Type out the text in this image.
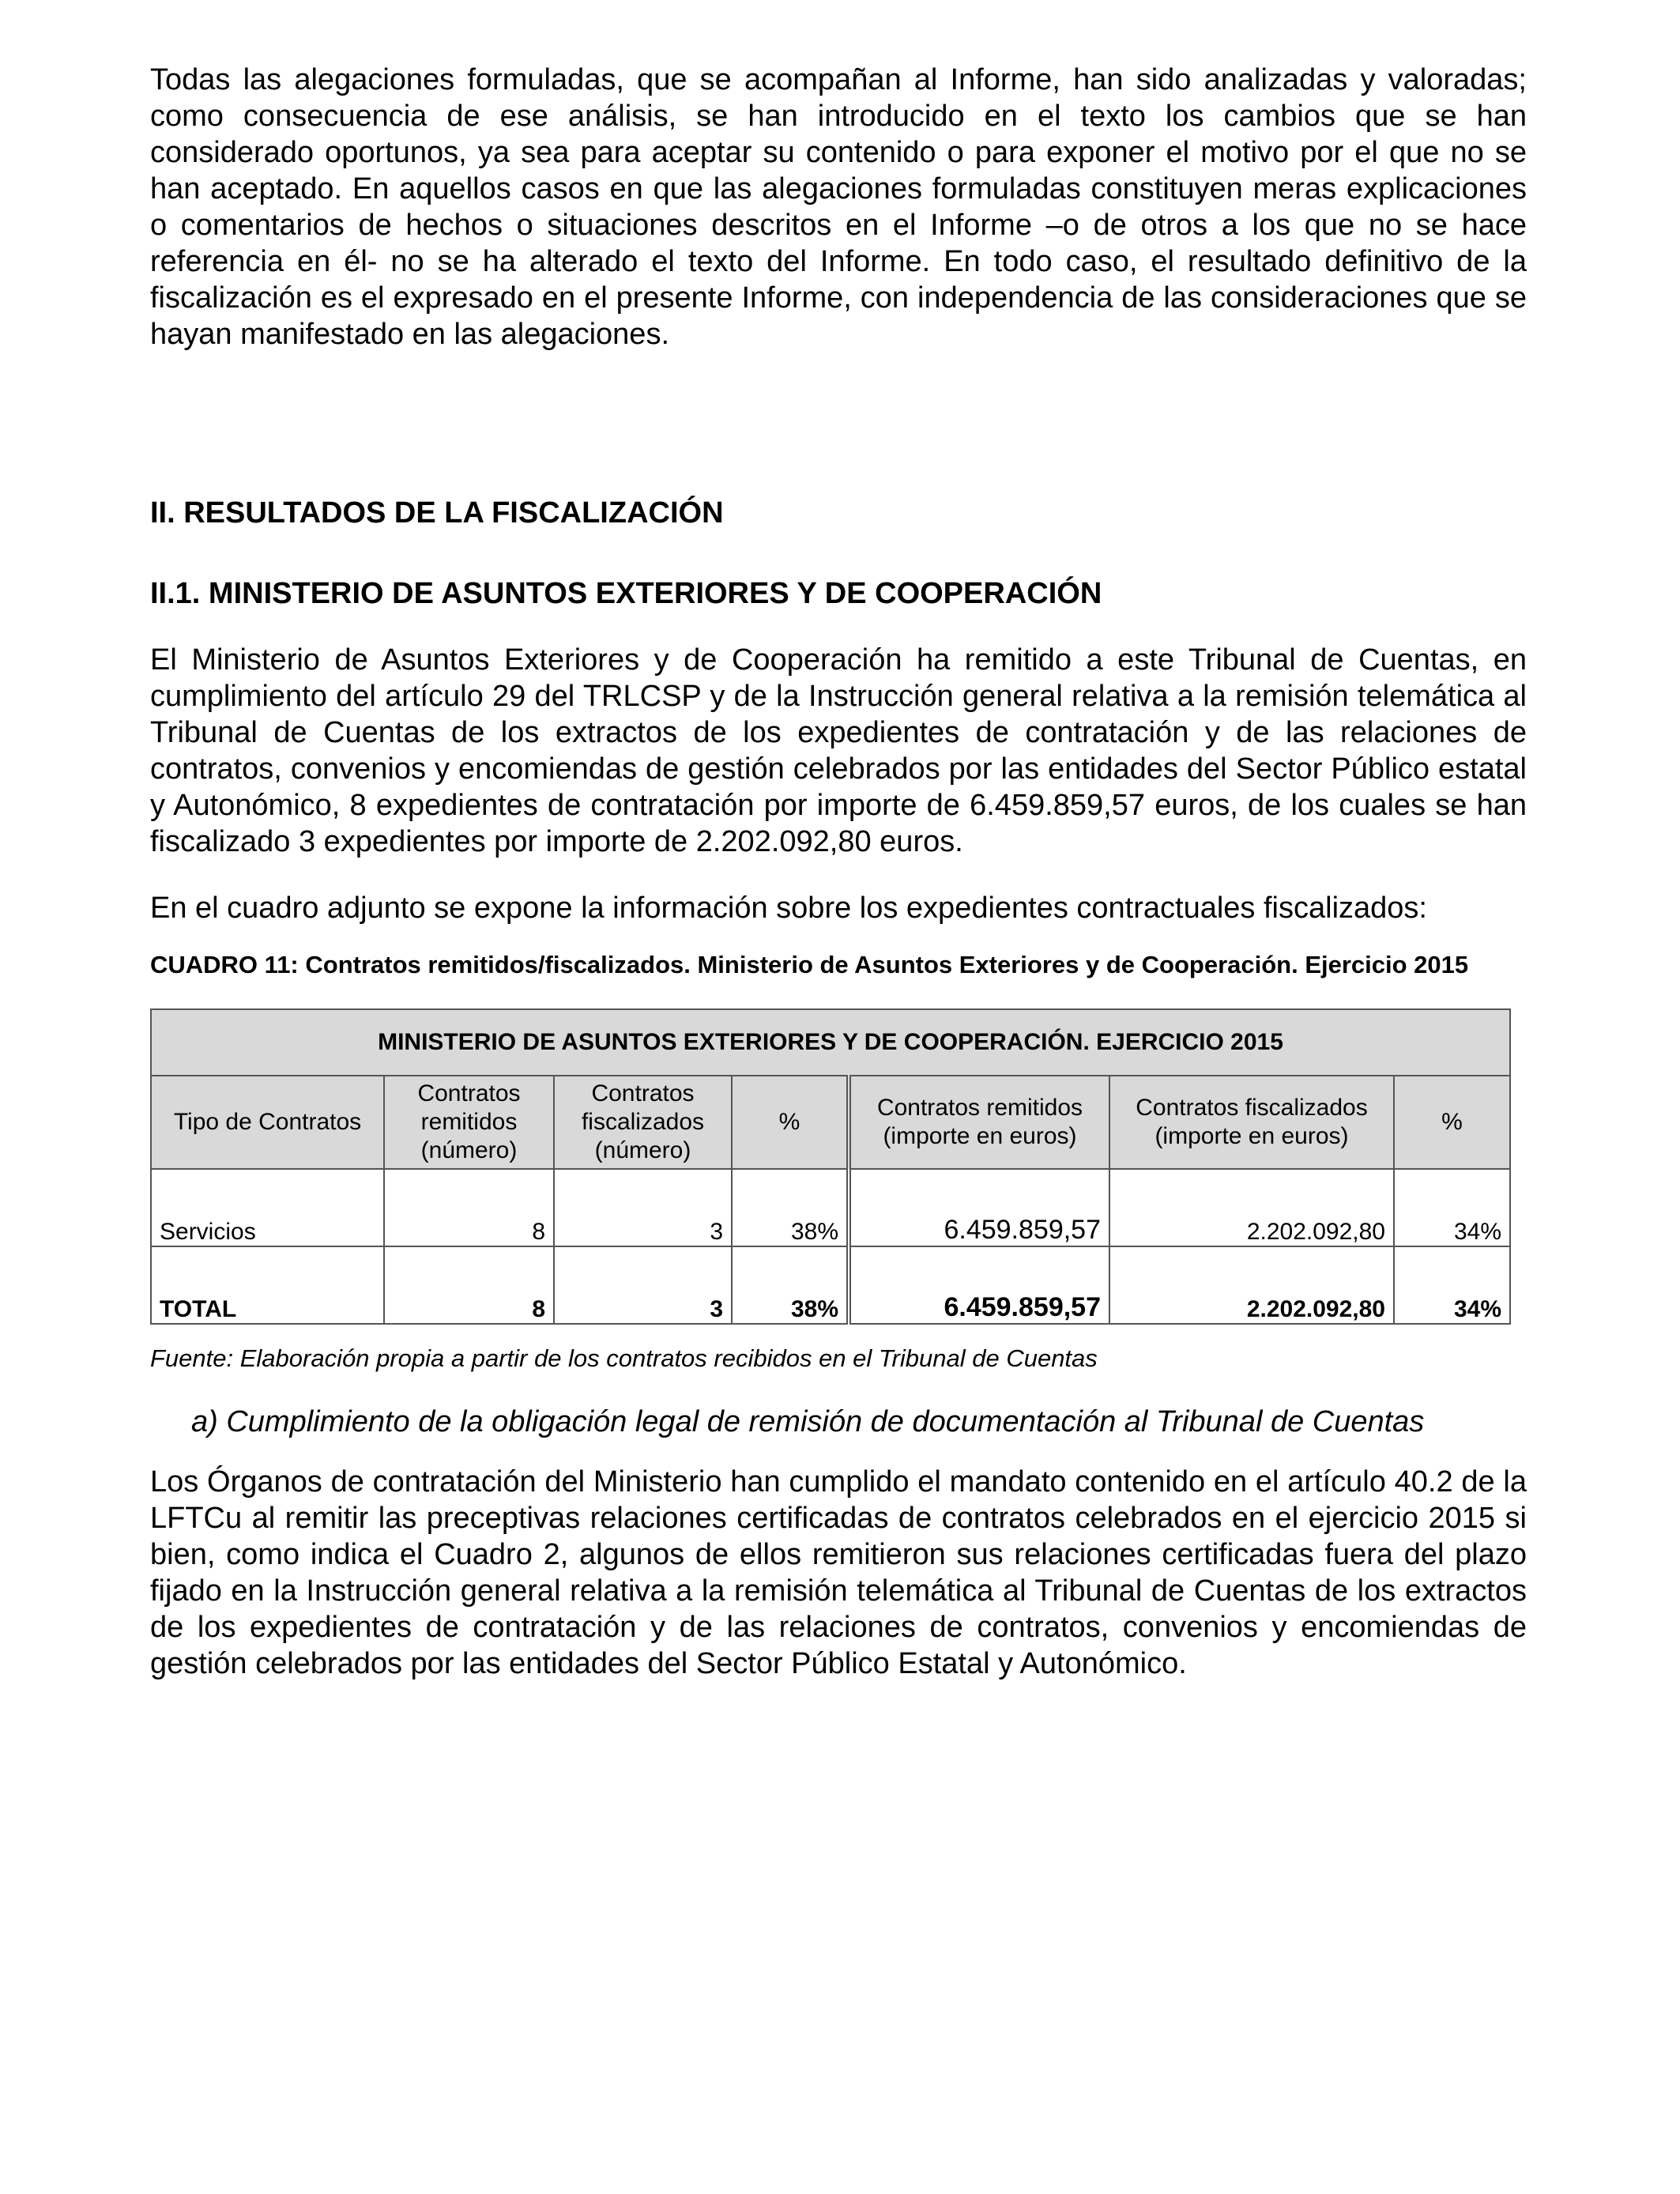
Todas las alegaciones formuladas, que se acompañan al Informe, han sido analizadas y valoradas; como consecuencia de ese análisis, se han introducido en el texto los cambios que se han considerado oportunos, ya sea para aceptar su contenido o para exponer el motivo por el que no se han aceptado. En aquellos casos en que las alegaciones formuladas constituyen meras explicaciones o comentarios de hechos o situaciones descritos en el Informe –o de otros a los que no se hace referencia en él- no se ha alterado el texto del Informe. En todo caso, el resultado definitivo de la fiscalización es el expresado en el presente Informe, con independencia de las consideraciones que se hayan manifestado en las alegaciones.

II. RESULTADOS DE LA FISCALIZACIÓN
II.1. MINISTERIO DE ASUNTOS EXTERIORES Y DE COOPERACIÓN

El Ministerio de Asuntos Exteriores y de Cooperación ha remitido a este Tribunal de Cuentas, en cumplimiento del artículo 29 del TRLCSP y de la Instrucción general relativa a la remisión telemática al Tribunal de Cuentas de los extractos de los expedientes de contratación y de las relaciones de contratos, convenios y encomiendas de gestión celebrados por las entidades del Sector Público estatal y Autonómico, 8 expedientes de contratación por importe de 6.459.859,57 euros, de los cuales se han fiscalizado 3 expedientes por importe de 2.202.092,80 euros.

En el cuadro adjunto se expone la información sobre los expedientes contractuales fiscalizados:

CUADRO 11: Contratos remitidos/fiscalizados. Ministerio de Asuntos Exteriores y de Cooperación. Ejercicio 2015

MINISTERIO DE ASUNTOS EXTERIORES Y DE COOPERACIÓN. EJERCICIO 2015						
Tipo de Contratos	Contratos remitidos (número)	Contratos fiscalizados (número)	%	Contratos remitidos (importe en euros)	Contratos fiscalizados (importe en euros)	%
Servicios	8	3	38%	6.459.859,57	2.202.092,80	34%
TOTAL	8	3	38%	6.459.859,57	2.202.092,80	34%

Fuente: Elaboración propia a partir de los contratos recibidos en el Tribunal de Cuentas

a) Cumplimiento de la obligación legal de remisión de documentación al Tribunal de Cuentas

Los Órganos de contratación del Ministerio han cumplido el mandato contenido en el artículo 40.2 de la LFTCu al remitir las preceptivas relaciones certificadas de contratos celebrados en el ejercicio 2015 si bien, como indica el Cuadro 2, algunos de ellos remitieron sus relaciones certificadas fuera del plazo fijado en la Instrucción general relativa a la remisión telemática al Tribunal de Cuentas de los extractos de los expedientes de contratación y de las relaciones de contratos, convenios y encomiendas de gestión celebrados por las entidades del Sector Público Estatal y Autonómico.
